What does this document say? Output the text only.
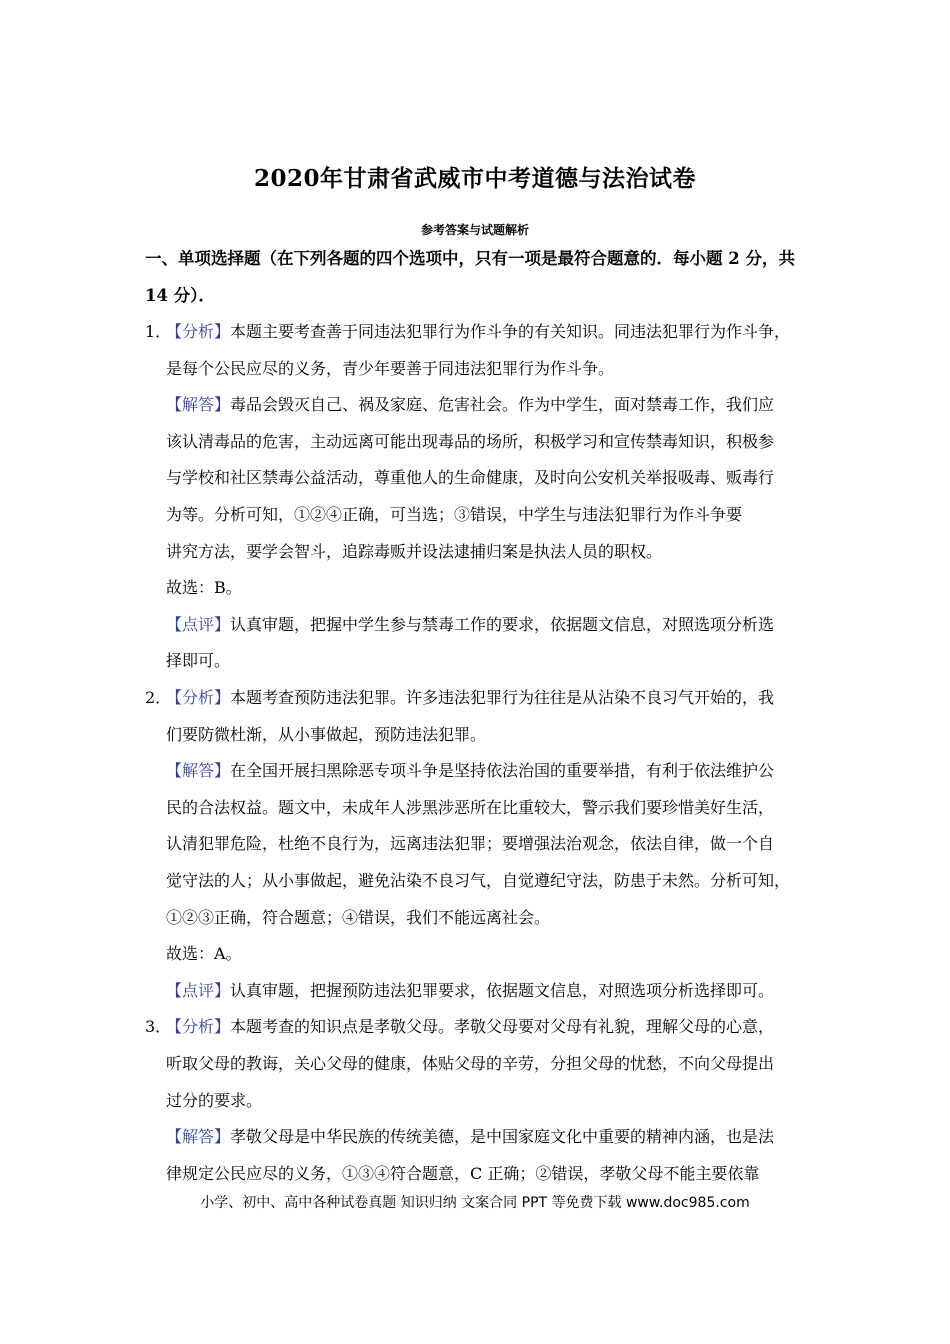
2020年甘肃省武威市中考道德与法治试卷
参考答案与试题解析
一、单项选择题（在下列各题的四个选项中，只有一项是最符合题意的．每小题 2 分，共
14 分）．
1．
【分析】本题主要考查善于同违法犯罪行为作斗争的有关知识。同违法犯罪行为作斗争，
是每个公民应尽的义务，青少年要善于同违法犯罪行为作斗争。
【解答】毒品会毁灭自己、祸及家庭、危害社会。作为中学生，面对禁毒工作，我们应
该认清毒品的危害，主动远离可能出现毒品的场所，积极学习和宣传禁毒知识，积极参
与学校和社区禁毒公益活动，尊重他人的生命健康，及时向公安机关举报吸毒、贩毒行
为等。分析可知，①②④正确，可当选；③错误，中学生与违法犯罪行为作斗争要
讲究方法，要学会智斗，追踪毒贩并设法逮捕归案是执法人员的职权。
故选：B。
【点评】认真审题，把握中学生参与禁毒工作的要求，依据题文信息，对照选项分析选
择即可。
2．
【分析】本题考查预防违法犯罪。许多违法犯罪行为往往是从沾染不良习气开始的，我
们要防微杜渐，从小事做起，预防违法犯罪。
【解答】在全国开展扫黑除恶专项斗争是坚持依法治国的重要举措，有利于依法维护公
民的合法权益。题文中，未成年人涉黑涉恶所在比重较大，警示我们要珍惜美好生活，
认清犯罪危险，杜绝不良行为，远离违法犯罪；要增强法治观念，依法自律，做一个自
觉守法的人；从小事做起，避免沾染不良习气，自觉遵纪守法，防患于未然。分析可知，
①②③正确，符合题意；④错误，我们不能远离社会。
故选：A。
【点评】认真审题，把握预防违法犯罪要求，依据题文信息，对照选项分析选择即可。
3．
【分析】本题考查的知识点是孝敬父母。孝敬父母要对父母有礼貌，理解父母的心意，
听取父母的教诲，关心父母的健康，体贴父母的辛劳，分担父母的忧愁，不向父母提出
过分的要求。
【解答】孝敬父母是中华民族的传统美德，是中国家庭文化中重要的精神内涵，也是法
律规定公民应尽的义务，①③④符合题意，C 正确；②错误，孝敬父母不能主要依靠
小学、初中、高中各种试卷真题 知识归纳 文案合同 PPT 等免费下载 www.doc985.com
